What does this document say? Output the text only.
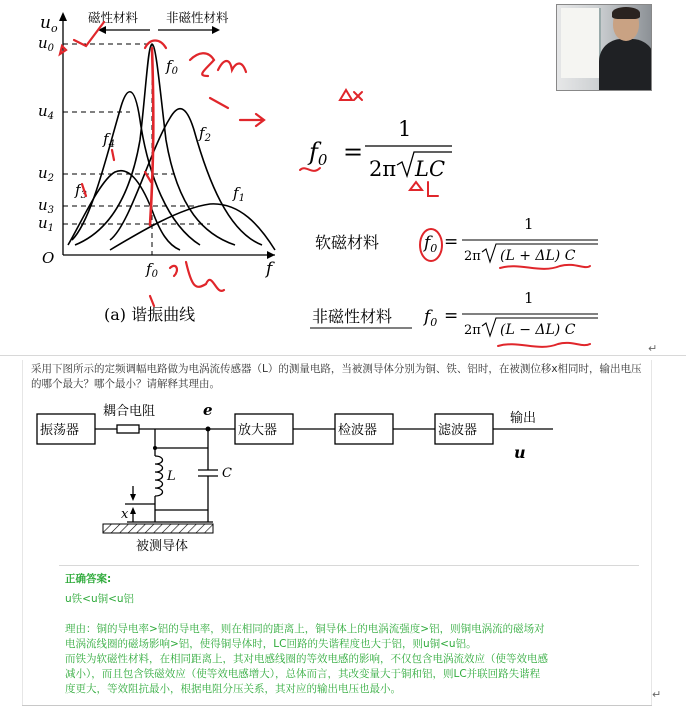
$u_o$
f
O
$u_0$
$u_4$
$u_2$
$u_3$
$u_1$
磁性材料 非磁性材料
$f_0$
$f_4$
$f_2$
$f_3$	$f_1$
$f_0$
(a) 谐振曲线
$f_0$ =
1
2π LC
软磁材料	$f_0$ =
1
2π (L + ΔL) C
非磁性材料 $f_0$ =
1
2π (L − ΔL) C
↵

采用下图所示的定频调幅电路做为电涡流传感器（L）的测量电路，当被测导体分别为铜、铁、铝时，在被测位移x相同时，输出电压的哪个最大？哪个最小？请解释其理由。

振荡器
耦合电阻	e
放大器	检波器	滤波器
输出
u
L	C
x
被测导体

正确答案:

u铁<u铜<u铝

理由：铜的导电率>铝的导电率，则在相同的距离上，铜导体上的电涡流强度>铝，则铜电涡流的磁场对

电涡流线圈的磁场影响>铝，使得铜导体时，LC回路的失谐程度也大于铝，则u铜<u铝。

而铁为软磁性材料，在相同距离上，其对电感线圈的等效电感的影响，不仅包含电涡流效应（使等效电感

减小），而且包含铁磁效应（使等效电感增大），总体而言，其改变量大于铜和铝，则LC并联回路失谐程

度更大，等效阻抗最小，根据电阻分压关系，其对应的输出电压也最小。	↵
